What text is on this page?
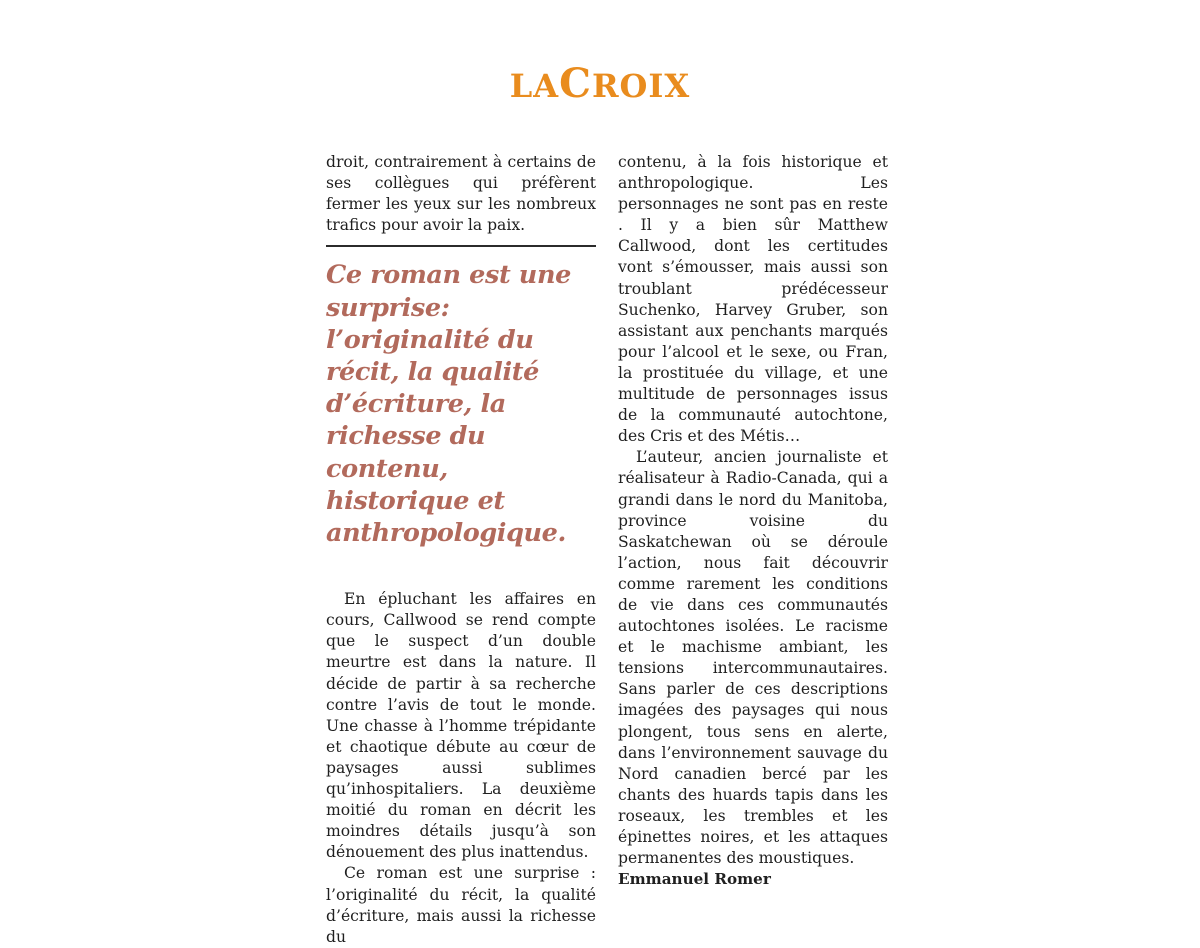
LACROIX

droit, contrairement à certains de ses collègues qui préfèrent fermer les yeux sur les nombreux trafics pour avoir la paix.

Ce roman est une surprise: l’originalité du récit, la qualité d’écriture, la richesse du contenu, historique et anthropologique.

En épluchant les affaires en cours, Callwood se rend compte que le suspect d’un double meurtre est dans la nature. Il décide de partir à sa recherche contre l’avis de tout le monde. Une chasse à l’homme trépidante et chaotique débute au cœur de paysages aussi sublimes qu’inhospitaliers. La deuxième moitié du roman en décrit les moindres détails jusqu’à son dénouement des plus inattendus.

Ce roman est une surprise : l’originalité du récit, la qualité d’écriture, mais aussi la richesse du

contenu, à la fois historique et anthropologique. Les personnages ne sont pas en reste . Il y a bien sûr Matthew Callwood, dont les certitudes vont s’émousser, mais aussi son troublant prédécesseur Suchenko, Harvey Gruber, son assistant aux penchants marqués pour l’alcool et le sexe, ou Fran, la prostituée du village, et une multitude de personnages issus de la communauté autochtone, des Cris et des Métis…

L’auteur, ancien journaliste et réalisateur à Radio-Canada, qui a grandi dans le nord du Manitoba, province voisine du Saskatchewan où se déroule l’action, nous fait découvrir comme rarement les conditions de vie dans ces communautés autochtones isolées. Le racisme et le machisme ambiant, les tensions intercommunautaires. Sans parler de ces descriptions imagées des paysages qui nous plongent, tous sens en alerte, dans l’environnement sauvage du Nord canadien bercé par les chants des huards tapis dans les roseaux, les trembles et les épinettes noires, et les attaques permanentes des moustiques.

Emmanuel Romer
